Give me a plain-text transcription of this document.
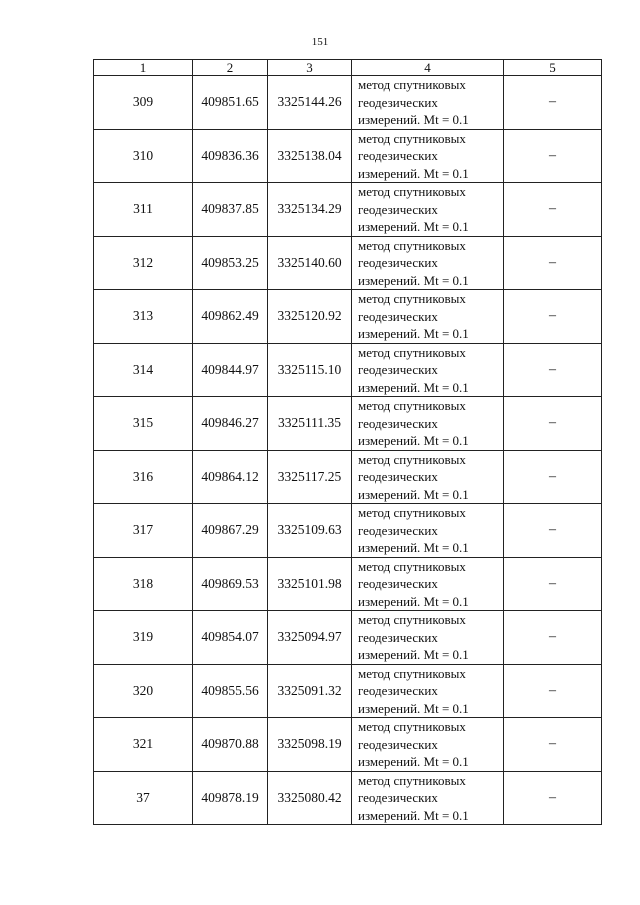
151
1	2	3	4	5
309	409851.65	3325144.26	метод спутниковых
геодезических
измерений. Mt = 0.1	–
310	409836.36	3325138.04	метод спутниковых
геодезических
измерений. Mt = 0.1	–
311	409837.85	3325134.29	метод спутниковых
геодезических
измерений. Mt = 0.1	–
312	409853.25	3325140.60	метод спутниковых
геодезических
измерений. Mt = 0.1	–
313	409862.49	3325120.92	метод спутниковых
геодезических
измерений. Mt = 0.1	–
314	409844.97	3325115.10	метод спутниковых
геодезических
измерений. Mt = 0.1	–
315	409846.27	3325111.35	метод спутниковых
геодезических
измерений. Mt = 0.1	–
316	409864.12	3325117.25	метод спутниковых
геодезических
измерений. Mt = 0.1	–
317	409867.29	3325109.63	метод спутниковых
геодезических
измерений. Mt = 0.1	–
318	409869.53	3325101.98	метод спутниковых
геодезических
измерений. Mt = 0.1	–
319	409854.07	3325094.97	метод спутниковых
геодезических
измерений. Mt = 0.1	–
320	409855.56	3325091.32	метод спутниковых
геодезических
измерений. Mt = 0.1	–
321	409870.88	3325098.19	метод спутниковых
геодезических
измерений. Mt = 0.1	–
37	409878.19	3325080.42	метод спутниковых
геодезических
измерений. Mt = 0.1	–
